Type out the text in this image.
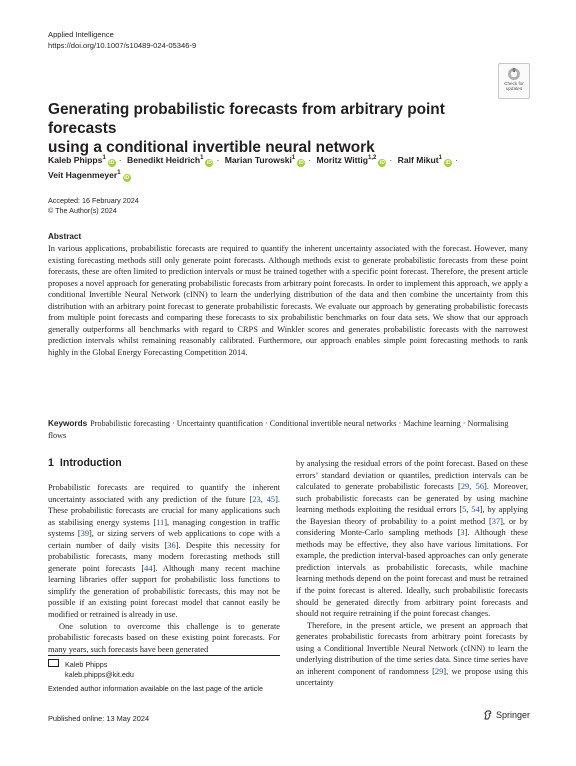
Applied Intelligence
https://doi.org/10.1007/s10489-024-05346-9
Check for
updates
Generating probabilistic forecasts from arbitrary point forecasts
using a conditional invertible neural network
Kaleb Phipps$^1$iD · Benedikt Heidrich$^1$iD · Marian Turowski$^1$iD · Moritz Wittig$^{1,2}$iD · Ralf Mikut$^1$iD ·
Veit Hagenmeyer$^1$iD
Accepted: 16 February 2024
© The Author(s) 2024
Abstract
In various applications, probabilistic forecasts are required to quantify the inherent uncertainty associated with the forecast. However, many existing forecasting methods still only generate point forecasts. Although methods exist to generate probabilistic forecasts from these point forecasts, these are often limited to prediction intervals or must be trained together with a specific point forecast. Therefore, the present article proposes a novel approach for generating probabilistic forecasts from arbitrary point forecasts. In order to implement this approach, we apply a conditional Invertible Neural Network (cINN) to learn the underlying distribution of the data and then combine the uncertainty from this distribution with an arbitrary point forecast to generate probabilistic forecasts. We evaluate our approach by generating probabilistic forecasts from multiple point forecasts and comparing these forecasts to six probabilistic benchmarks on four data sets. We show that our approach generally outperforms all benchmarks with regard to CRPS and Winkler scores and generates probabilistic forecasts with the narrowest prediction intervals whilst remaining reasonably calibrated. Furthermore, our approach enables simple point forecasting methods to rank highly in the Global Energy Forecasting Competition 2014.
Keywords Probabilistic forecasting · Uncertainty quantification · Conditional invertible neural networks · Machine learning · Normalising flows
1 Introduction

Probabilistic forecasts are required to quantify the inherent uncertainty associated with any prediction of the future [23, 45]. These probabilistic forecasts are crucial for many applications such as stabilising energy systems [11], managing congestion in traffic systems [39], or sizing servers of web applications to cope with a certain number of daily visits [36]. Despite this necessity for probabilistic forecasts, many modern forecasting methods still generate point forecasts [44]. Although many recent machine learning libraries offer support for probabilistic loss functions to simplify the generation of probabilistic forecasts, this may not be possible if an existing point forecast model that cannot easily be modified or retrained is already in use.

One solution to overcome this challenge is to generate probabilistic forecasts based on these existing point forecasts. For many years, such forecasts have been generated

by analysing the residual errors of the point forecast. Based on these errors’ standard deviation or quantiles, prediction intervals can be calculated to generate probabilistic forecasts [29, 56]. Moreover, such probabilistic forecasts can be generated by using machine learning methods exploiting the residual errors [5, 54], by applying the Bayesian theory of probability to a point method [37], or by considering Monte-Carlo sampling methods [3]. Although these methods may be effective, they also have various limitations. For example, the prediction interval-based approaches can only generate prediction intervals as probabilistic forecasts, while machine learning methods depend on the point forecast and must be retrained if the point forecast is altered. Ideally, such probabilistic forecasts should be generated directly from arbitrary point forecasts and should not require retraining if the point forecast changes.

Therefore, in the present article, we present an approach that generates probabilistic forecasts from arbitrary point forecasts by using a Conditional Invertible Neural Network (cINN) to learn the underlying distribution of the time series data. Since time series have an inherent component of randomness [29], we propose using this uncertainty

Kaleb Phipps
kaleb.phipps@kit.edu
Extended author information available on the last page of the article
Published online: 13 May 2024	Springer
